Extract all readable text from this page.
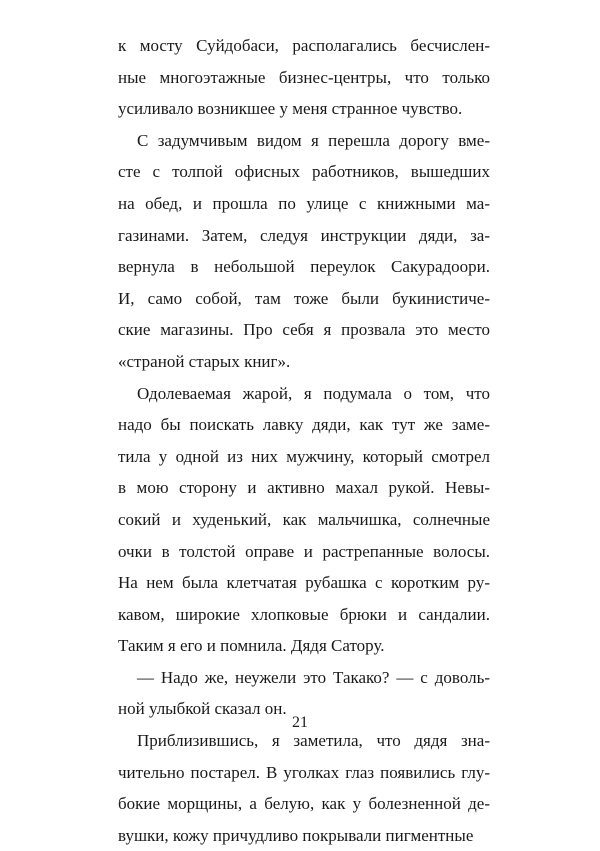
к мосту Суйдобаси, располагались бесчислен-
ные многоэтажные бизнес-центры, что только
усиливало возникшее у меня странное чувство.
С задумчивым видом я перешла дорогу вме-
сте с толпой офисных работников, вышедших
на обед, и прошла по улице с книжными ма-
газинами. Затем, следуя инструкции дяди, за-
вернула в небольшой переулок Сакурадоори.
И, само собой, там тоже были букинистиче-
ские магазины. Про себя я прозвала это место
«страной старых книг».
Одолеваемая жарой, я подумала о том, что
надо бы поискать лавку дяди, как тут же заме-
тила у одной из них мужчину, который смотрел
в мою сторону и активно махал рукой. Невы-
сокий и худенький, как мальчишка, солнечные
очки в толстой оправе и растрепанные волосы.
На нем была клетчатая рубашка с коротким ру-
кавом, широкие хлопковые брюки и сандалии.
Таким я его и помнила. Дядя Сатору.
— Надо же, неужели это Такако? — с доволь-
ной улыбкой сказал он.
Приблизившись, я заметила, что дядя зна-
чительно постарел. В уголках глаз появились глу-
бокие морщины, а белую, как у болезненной де-
вушки, кожу причудливо покрывали пигментные
21
